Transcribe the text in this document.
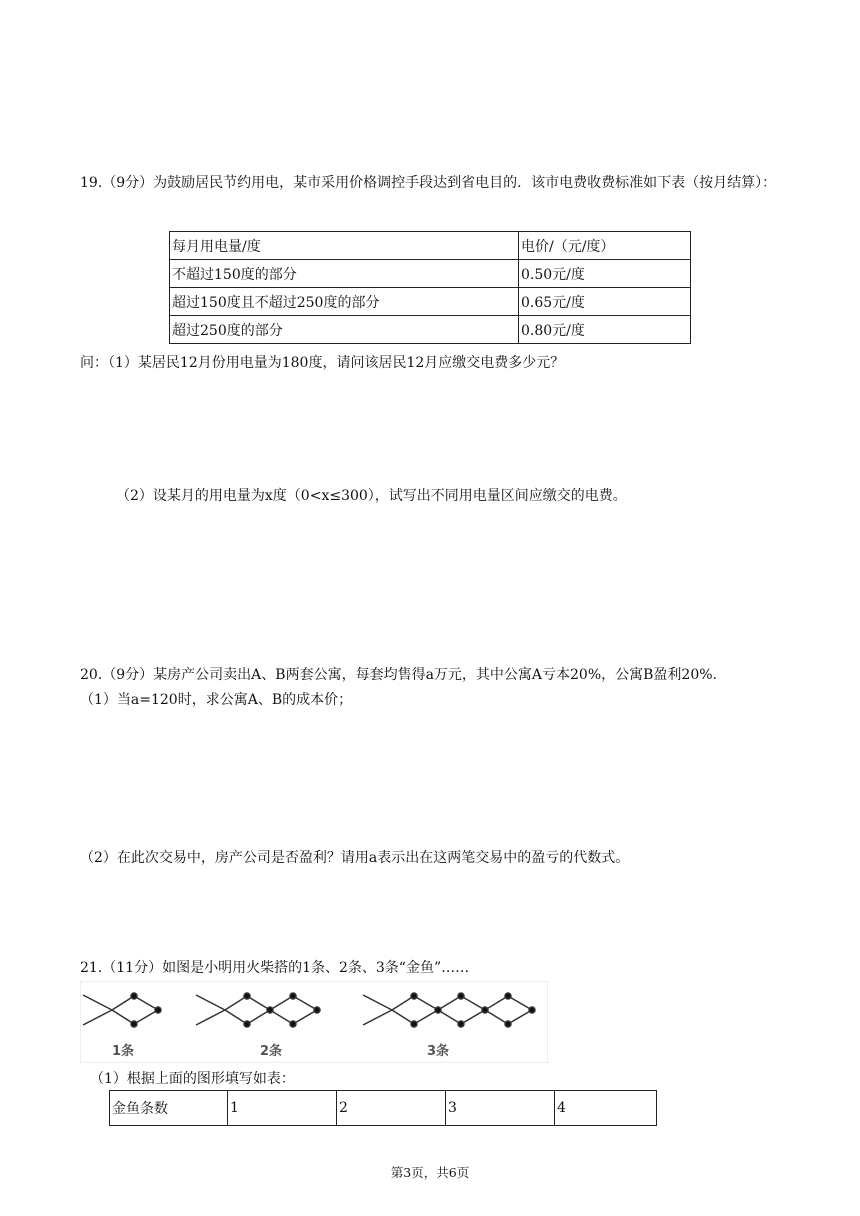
19.（9分）为鼓励居民节约用电，某市采用价格调控手段达到省电目的．该市电费收费标准如下表（按月结算）：
每月用电量/度	电价/（元/度）
不超过150度的部分	0.50元/度
超过150度且不超过250度的部分	0.65元/度
超过250度的部分	0.80元/度
问：（1）某居民12月份用电量为180度，请问该居民12月应缴交电费多少元？
（2）设某月的用电量为x度（0<x≤300），试写出不同用电量区间应缴交的电费。
20.（9分）某房产公司卖出A、B两套公寓，每套均售得a万元，其中公寓A亏本20%，公寓B盈利20%.
（1）当a=120时，求公寓A、B的成本价；
（2）在此次交易中，房产公司是否盈利？请用a表示出在这两笔交易中的盈亏的代数式。
21.（11分）如图是小明用火柴搭的1条、2条、3条“金鱼”……
1条	2条	3条
（1）根据上面的图形填写如表：
金鱼条数	1	2	3	4
第3页，共6页
